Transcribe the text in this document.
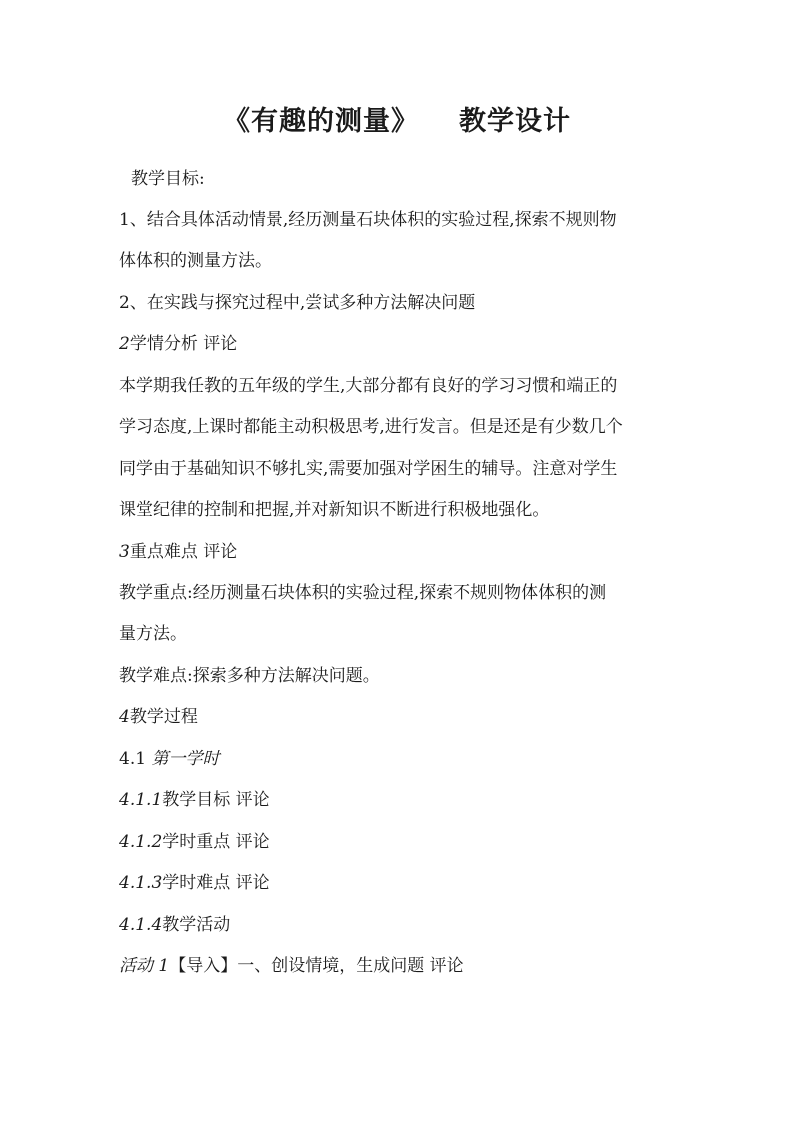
《有趣的测量》 教学设计
教学目标:
1、结合具体活动情景,经历测量石块体积的实验过程,探索不规则物
体体积的测量方法。
2、在实践与探究过程中,尝试多种方法解决问题
2学情分析 评论
本学期我任教的五年级的学生,大部分都有良好的学习习惯和端正的
学习态度,上课时都能主动积极思考,进行发言。但是还是有少数几个
同学由于基础知识不够扎实,需要加强对学困生的辅导。注意对学生
课堂纪律的控制和把握,并对新知识不断进行积极地强化。
3重点难点 评论
教学重点:经历测量石块体积的实验过程,探索不规则物体体积的测
量方法。
教学难点:探索多种方法解决问题。
4教学过程
4.1 第一学时
4.1.1教学目标 评论
4.1.2学时重点 评论
4.1.3学时难点 评论
4.1.4教学活动
活动 1【导入】一、创设情境，生成问题 评论
